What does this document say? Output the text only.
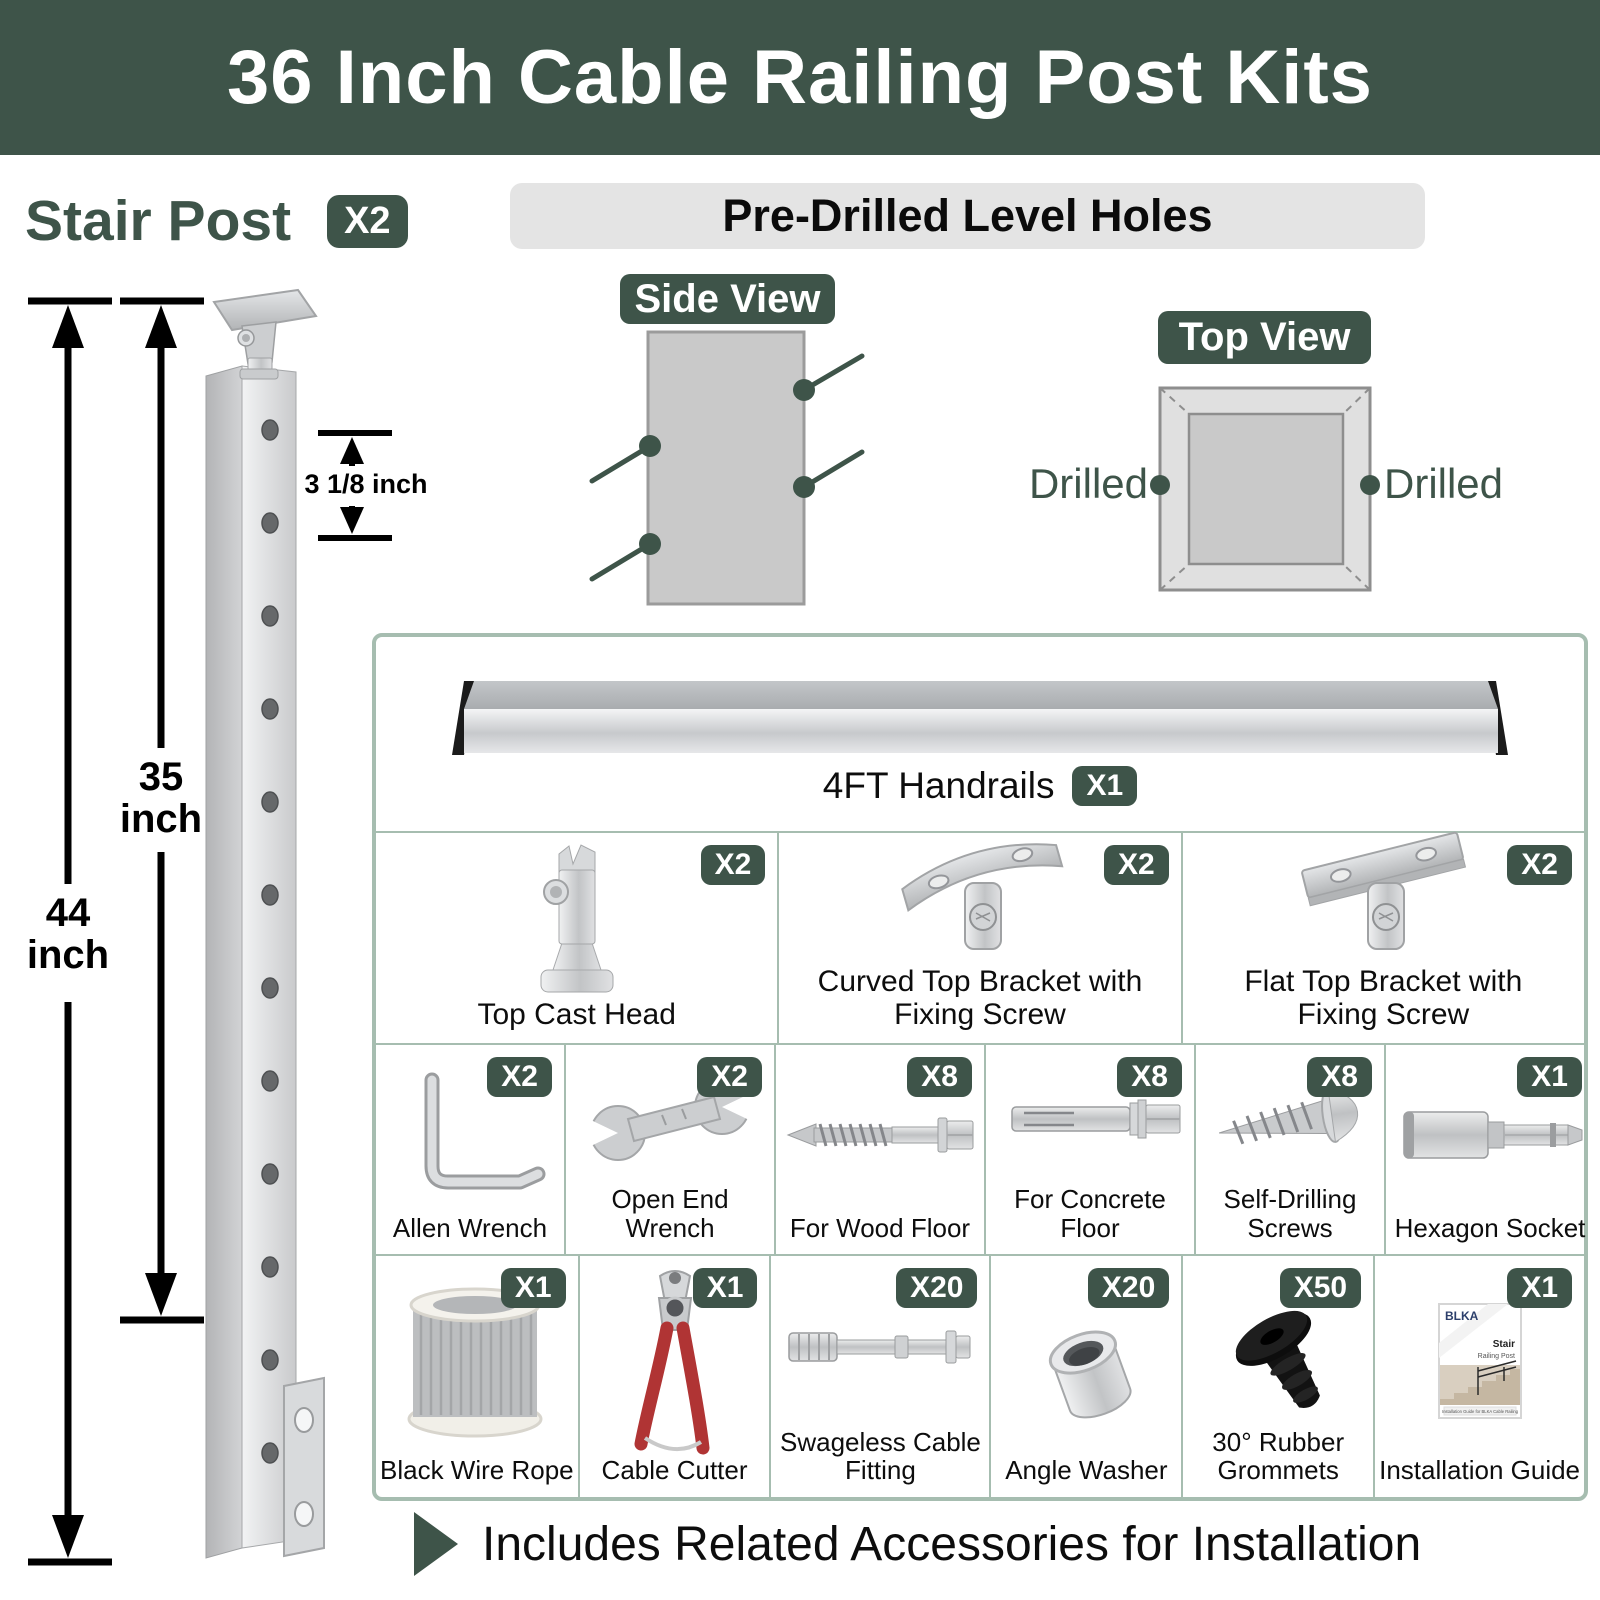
36 Inch Cable Railing Post Kits
Stair Post	X2
44
inch
35
inch
3 1/8 inch
Pre-Drilled Level Holes
Side View
Top View
Drilled	Drilled
4FT Handrails	X1
X2
Top Cast Head
X2
Curved Top Bracket with Fixing Screw
X2
Flat Top Bracket with Fixing Screw
X2
Allen Wrench
X2
Open End Wrench
X8
For Wood Floor
X8
For Concrete Floor
X8
Self-Drilling Screws
X1
Hexagon Socket
X1
Black Wire Rope
X1
Cable Cutter
X20
Swageless Cable Fitting
X20
Angle Washer
X50
30° Rubber Grommets
X1
BLKA
Stair
Railing Post
Installation Guide for BLKA Cable Railing
Installation Guide
Includes Related Accessories for Installation
